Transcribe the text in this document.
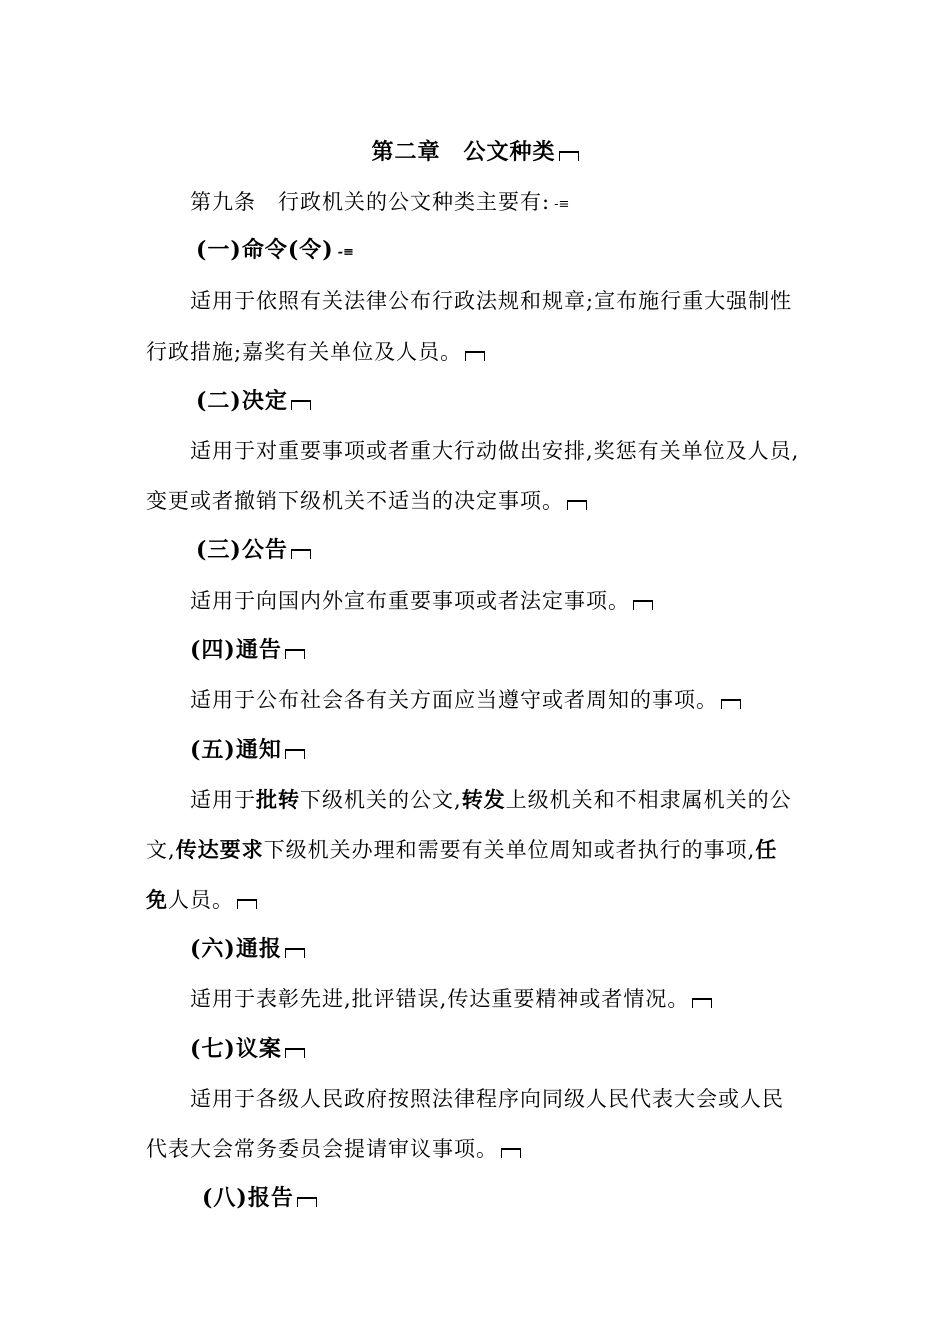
第二章　公文种类
第九条　行政机关的公文种类主要有: -≡
(一)命令(令) -≡
适用于依照有关法律公布行政法规和规章;宣布施行重大强制性
行政措施;嘉奖有关单位及人员。
(二)决定
适用于对重要事项或者重大行动做出安排,奖惩有关单位及人员,
变更或者撤销下级机关不适当的决定事项。
(三)公告
适用于向国内外宣布重要事项或者法定事项。
(四)通告
适用于公布社会各有关方面应当遵守或者周知的事项。
(五)通知
适用于批转下级机关的公文,转发上级机关和不相隶属机关的公
文,传达要求下级机关办理和需要有关单位周知或者执行的事项,任
免人员。
(六)通报
适用于表彰先进,批评错误,传达重要精神或者情况。
(七)议案
适用于各级人民政府按照法律程序向同级人民代表大会或人民
代表大会常务委员会提请审议事项。
(八)报告
